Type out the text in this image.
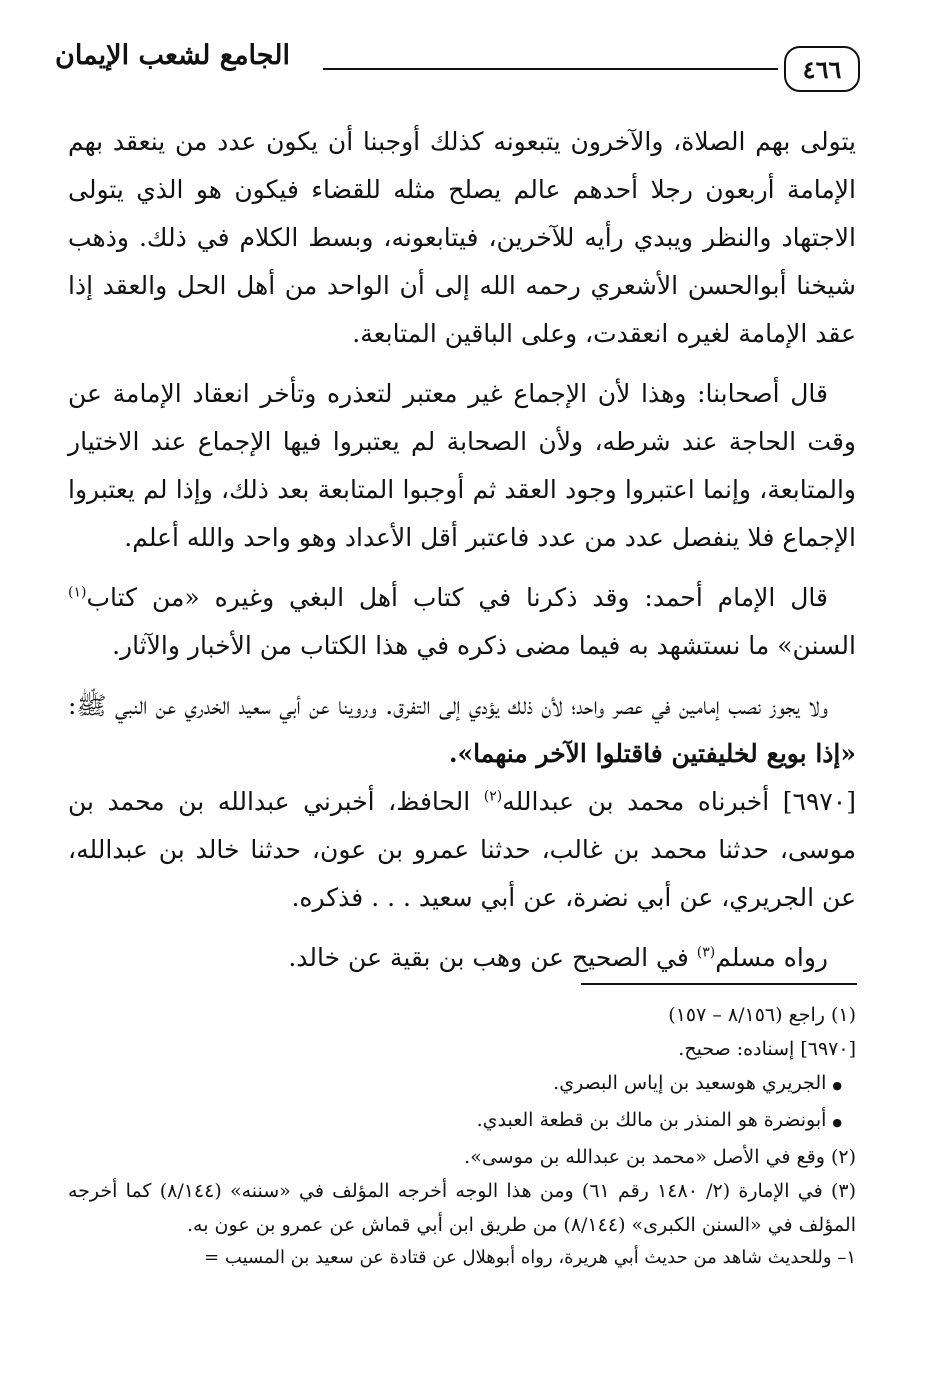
٤٦٦
الجامع لشعب الإيمان

يتولى بهم الصلاة، والآخرون يتبعونه كذلك أوجبنا أن يكون عدد من ينعقد بهم الإمامة أربعون رجلا أحدهم عالم يصلح مثله للقضاء فيكون هو الذي يتولى الاجتهاد والنظر ويبدي رأيه للآخرين، فيتابعونه، وبسط الكلام في ذلك. وذهب شيخنا أبوالحسن الأشعري رحمه الله إلى أن الواحد من أهل الحل والعقد إذا عقد الإمامة لغيره انعقدت، وعلى الباقين المتابعة.

قال أصحابنا: وهذا لأن الإجماع غير معتبر لتعذره وتأخر انعقاد الإمامة عن وقت الحاجة عند شرطه، ولأن الصحابة لم يعتبروا فيها الإجماع عند الاختيار والمتابعة، وإنما اعتبروا وجود العقد ثم أوجبوا المتابعة بعد ذلك، وإذا لم يعتبروا الإجماع فلا ينفصل عدد من عدد فاعتبر أقل الأعداد وهو واحد والله أعلم.

قال الإمام أحمد: وقد ذكرنا في كتاب أهل البغي وغيره «من كتاب$^{(١)}$ السنن» ما نستشهد به فيما مضى ذكره في هذا الكتاب من الأخبار والآثار.

ولا يجوز نصب إمامين في عصر واحد؛ لأن ذلك يؤدي إلى التفرق. وروينا عن أبي سعيد الخدري عن النبي ﷺ: «إذا بويع لخليفتين فاقتلوا الآخر منهما».

[٦٩٧٠] أخبرناه محمد بن عبدالله$^{(٢)}$ الحافظ، أخبرني عبدالله بن محمد بن موسى، حدثنا محمد بن غالب، حدثنا عمرو بن عون، حدثنا خالد بن عبدالله، عن الجريري، عن أبي نضرة، عن أبي سعيد . . . فذكره.

رواه مسلم$^{(٣)}$ في الصحيح عن وهب بن بقية عن خالد.

(١) راجع (٨/١٥٦ – ١٥٧)

[٦٩٧٠] إسناده: صحيح.

● الجريري هوسعيد بن إياس البصري.

● أبونضرة هو المنذر بن مالك بن قطعة العبدي.

(٢) وقع في الأصل «محمد بن عبدالله بن موسى».

(٣) في الإمارة (٢/ ١٤٨٠ رقم ٦١) ومن هذا الوجه أخرجه المؤلف في «سننه» (٨/١٤٤) كما أخرجه المؤلف في «السنن الكبرى» (٨/١٤٤) من طريق ابن أبي قماش عن عمرو بن عون به.

١– وللحديث شاهد من حديث أبي هريرة، رواه أبوهلال عن قتادة عن سعيد بن المسيب =
